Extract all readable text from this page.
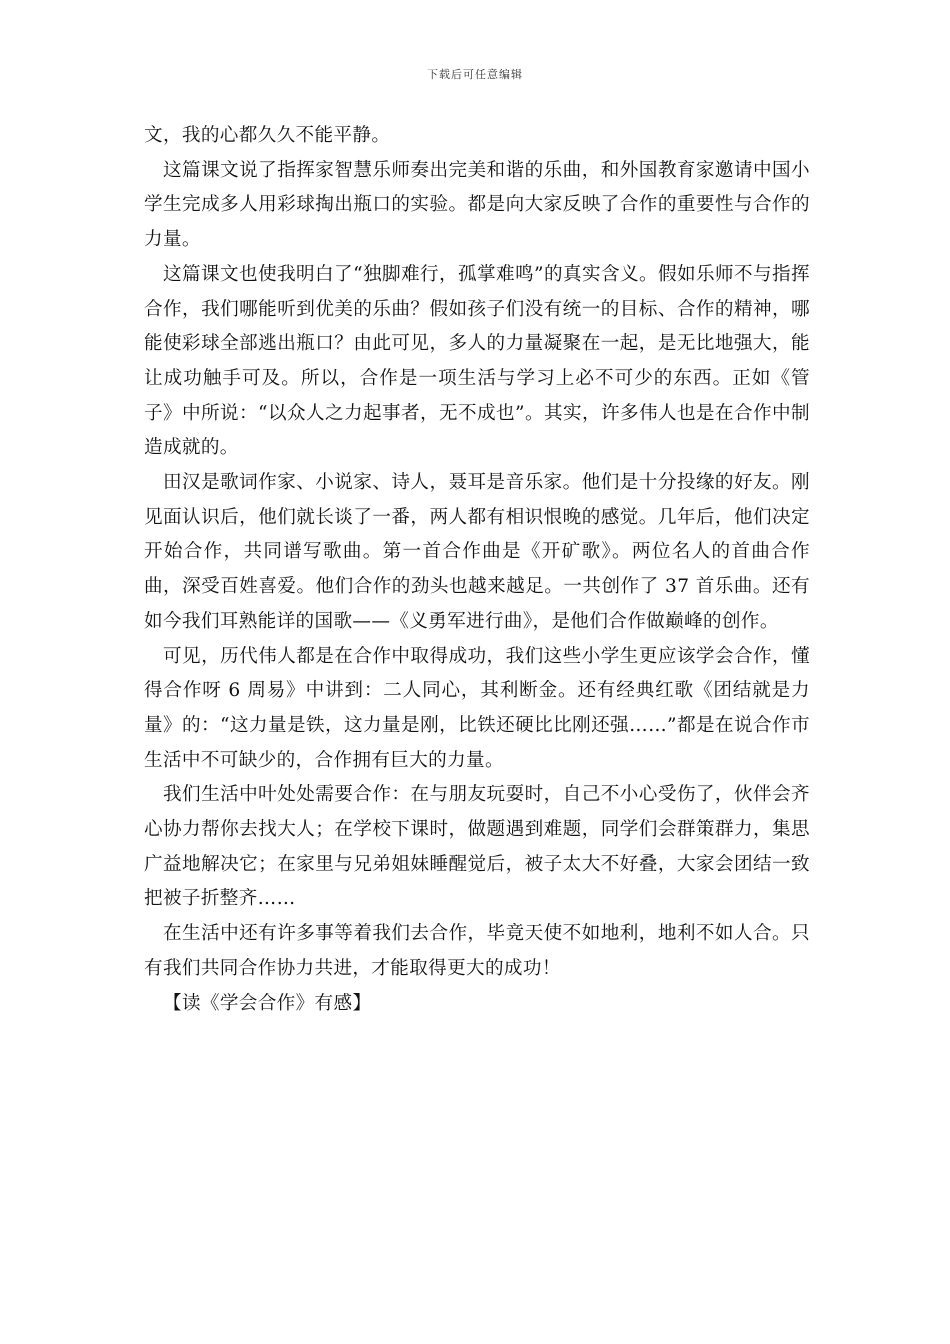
下载后可任意编辑

文，我的心都久久不能平静。

这篇课文说了指挥家智慧乐师奏出完美和谐的乐曲，和外国教育家邀请中国小学生完成多人用彩球掏出瓶口的实验。都是向大家反映了合作的重要性与合作的力量。

这篇课文也使我明白了“独脚难行，孤掌难鸣”的真实含义。假如乐师不与指挥合作，我们哪能听到优美的乐曲？假如孩子们没有统一的目标、合作的精神，哪能使彩球全部逃出瓶口？由此可见，多人的力量凝聚在一起，是无比地强大，能让成功触手可及。所以，合作是一项生活与学习上必不可少的东西。正如《管子》中所说：“以众人之力起事者，无不成也”。其实，许多伟人也是在合作中制造成就的。

田汉是歌词作家、小说家、诗人，聂耳是音乐家。他们是十分投缘的好友。刚见面认识后，他们就长谈了一番，两人都有相识恨晚的感觉。几年后，他们决定开始合作，共同谱写歌曲。第一首合作曲是《开矿歌》。两位名人的首曲合作曲，深受百姓喜爱。他们合作的劲头也越来越足。一共创作了 37 首乐曲。还有如今我们耳熟能详的国歌——《义勇军进行曲》，是他们合作做巅峰的创作。

可见，历代伟人都是在合作中取得成功，我们这些小学生更应该学会合作，懂得合作呀 6 周易》中讲到：二人同心，其利断金。还有经典红歌《团结就是力量》的：“这力量是铁，这力量是刚，比铁还硬比比刚还强……”都是在说合作市生活中不可缺少的，合作拥有巨大的力量。

我们生活中叶处处需要合作：在与朋友玩耍时，自己不小心受伤了，伙伴会齐心协力帮你去找大人；在学校下课时，做题遇到难题，同学们会群策群力，集思广益地解决它；在家里与兄弟姐妹睡醒觉后，被子太大不好叠，大家会团结一致把被子折整齐……

在生活中还有许多事等着我们去合作，毕竟天使不如地利，地利不如人合。只有我们共同合作协力共进，才能取得更大的成功！

【读《学会合作》有感】
